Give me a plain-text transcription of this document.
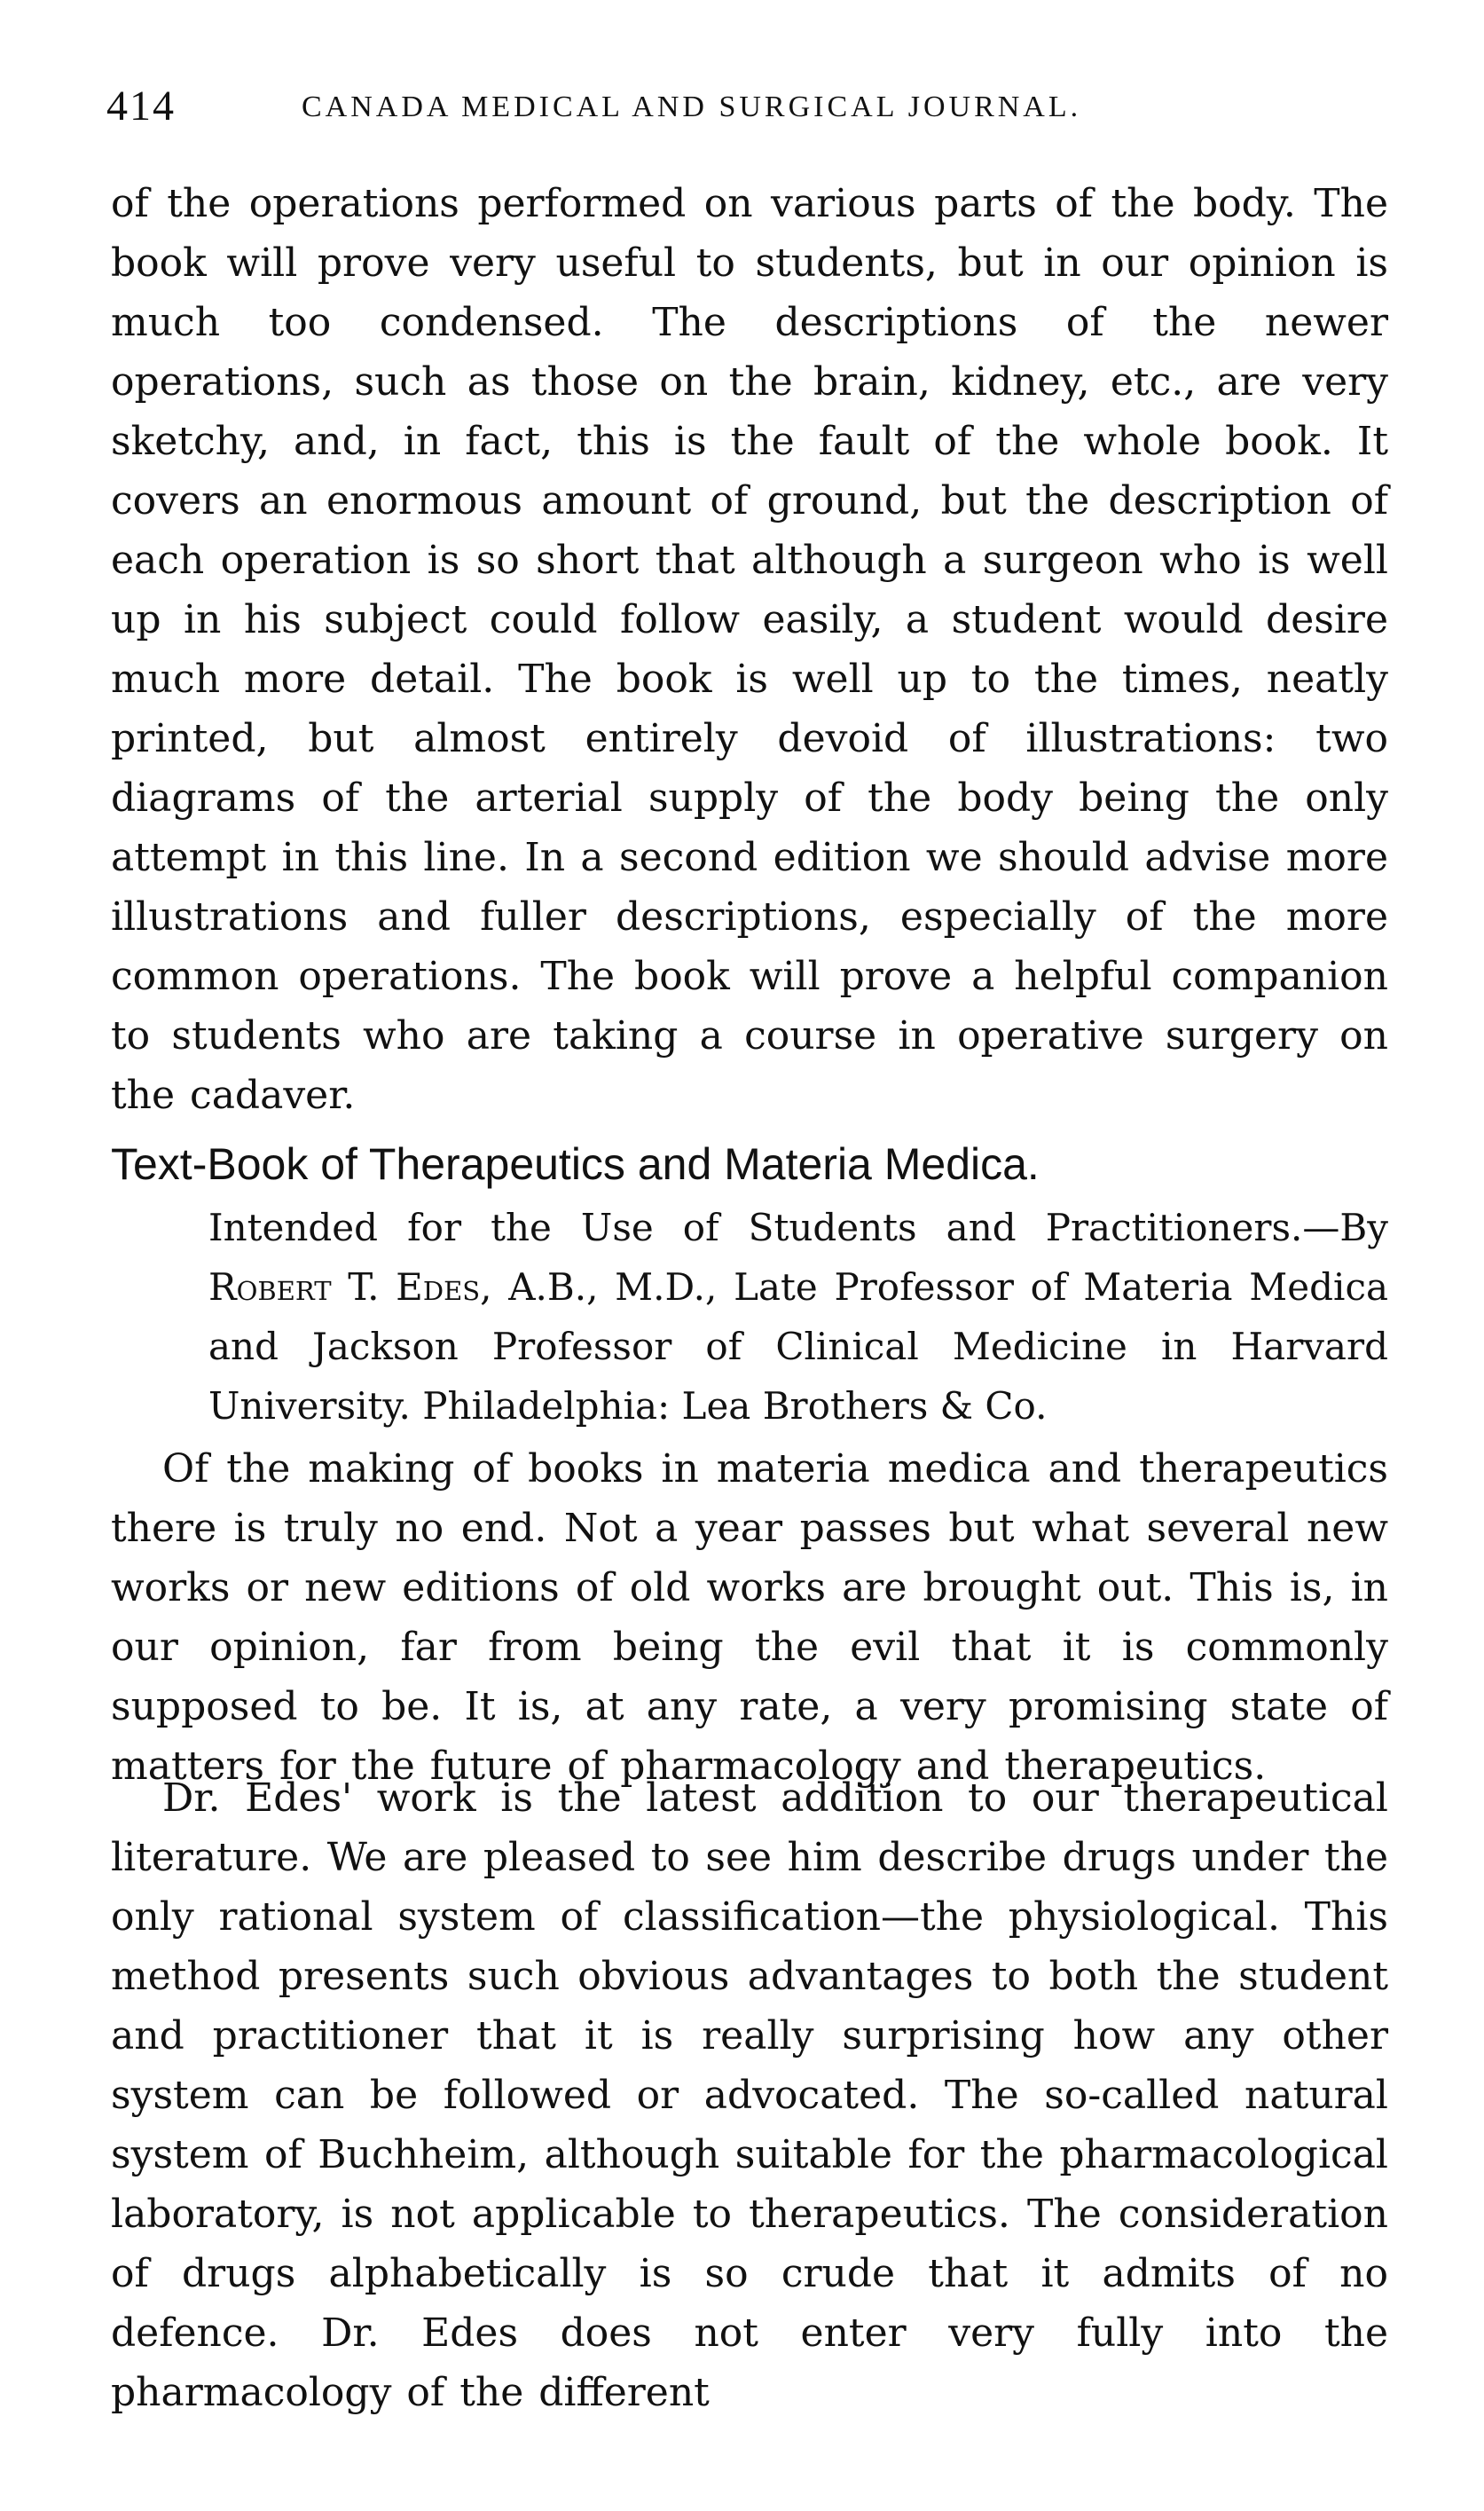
414	CANADA MEDICAL AND SURGICAL JOURNAL.

of the operations performed on various parts of the body. The book will prove very useful to students, but in our opinion is much too condensed. The descriptions of the newer operations, such as those on the brain, kidney, etc., are very sketchy, and, in fact, this is the fault of the whole book. It covers an enormous amount of ground, but the description of each operation is so short that although a surgeon who is well up in his subject could follow easily, a student would desire much more detail. The book is well up to the times, neatly printed, but almost entirely devoid of illustrations: two diagrams of the arterial supply of the body being the only attempt in this line. In a second edition we should advise more illustrations and fuller descriptions, especially of the more common operations. The book will prove a helpful companion to students who are taking a course in operative surgery on the cadaver.

Text-Book of Therapeutics and Materia Medica.
Intended for the Use of Students and Practitioners.—By Robert T. Edes, A.B., M.D., Late Professor of Materia Medica and Jackson Professor of Clinical Medicine in Harvard University. Philadelphia: Lea Brothers & Co.

Of the making of books in materia medica and therapeutics there is truly no end. Not a year passes but what several new works or new editions of old works are brought out. This is, in our opinion, far from being the evil that it is commonly supposed to be. It is, at any rate, a very promising state of matters for the future of pharmacology and therapeutics.

Dr. Edes' work is the latest addition to our therapeutical literature. We are pleased to see him describe drugs under the only rational system of classification—the physiological. This method presents such obvious advantages to both the student and practitioner that it is really surprising how any other system can be followed or advocated. The so-called natural system of Buchheim, although suitable for the pharmacological laboratory, is not applicable to therapeutics. The consideration of drugs alphabetically is so crude that it admits of no defence. Dr. Edes does not enter very fully into the pharmacology of the different
